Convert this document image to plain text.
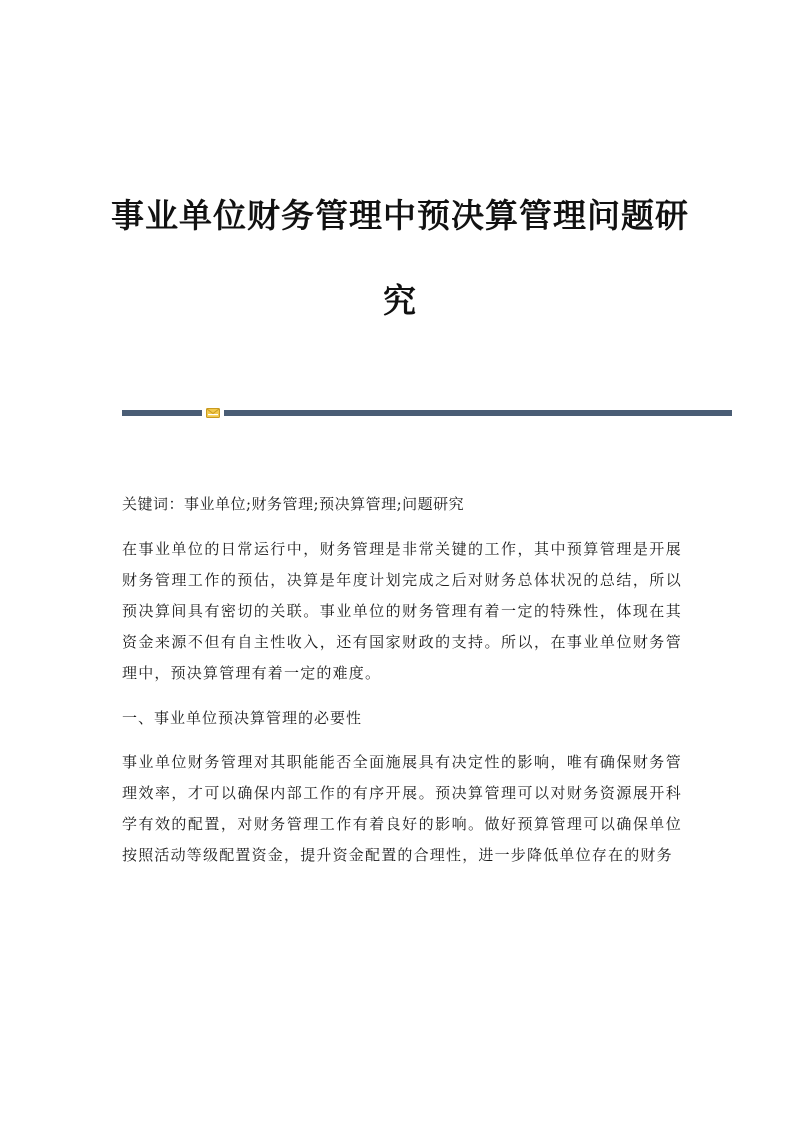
事业单位财务管理中预决算管理问题研
究

关键词：事业单位;财务管理;预决算管理;问题研究

在事业单位的日常运行中，财务管理是非常关键的工作，其中预算管理是开展财务管理工作的预估，决算是年度计划完成之后对财务总体状况的总结，所以预决算间具有密切的关联。事业单位的财务管理有着一定的特殊性，体现在其资金来源不但有自主性收入，还有国家财政的支持。所以，在事业单位财务管理中，预决算管理有着一定的难度。

一、事业单位预决算管理的必要性

事业单位财务管理对其职能能否全面施展具有决定性的影响，唯有确保财务管理效率，才可以确保内部工作的有序开展。预决算管理可以对财务资源展开科学有效的配置，对财务管理工作有着良好的影响。做好预算管理可以确保单位按照活动等级配置资金，提升资金配置的合理性，进一步降低单位存在的财务
